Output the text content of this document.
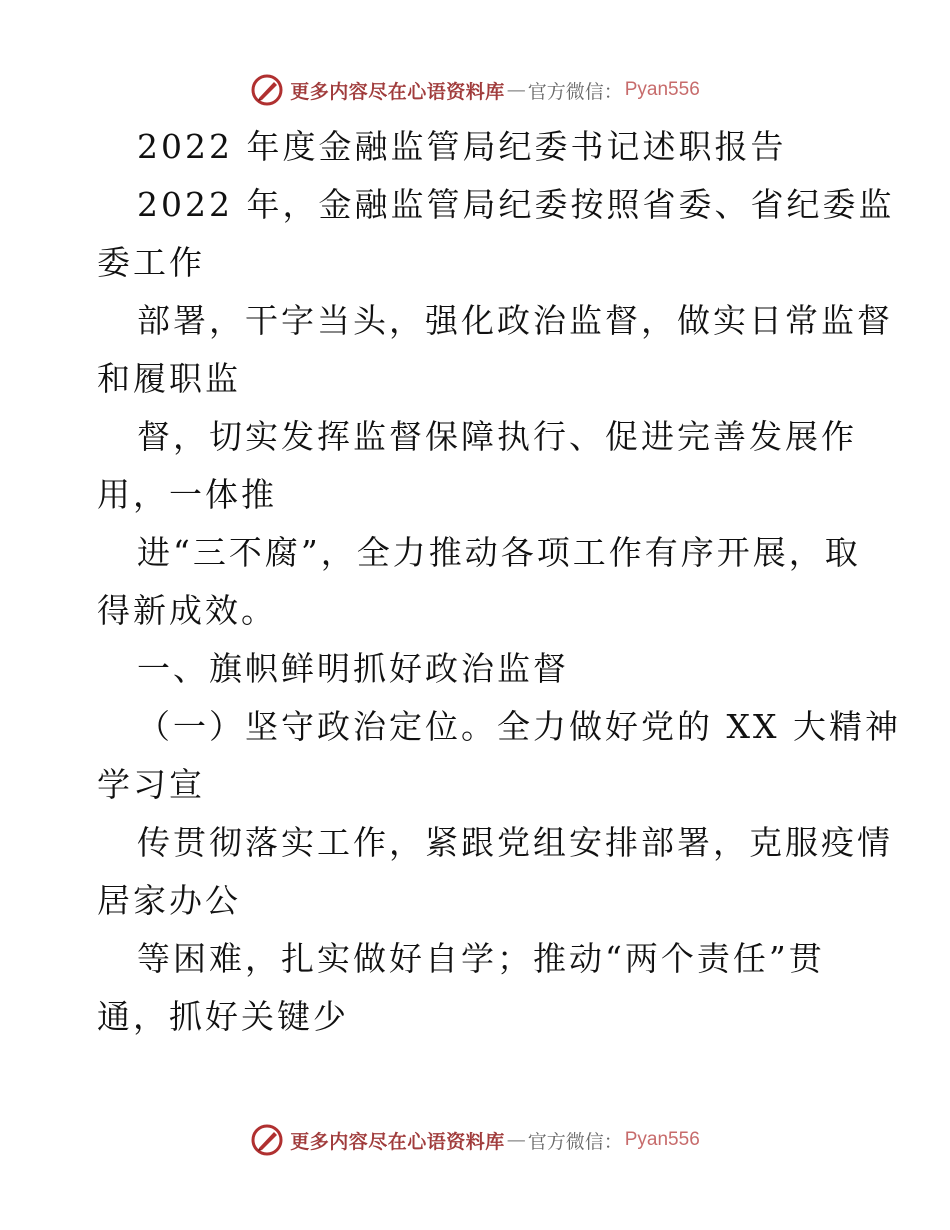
更多内容尽在心语资料库 — 官方微信： Pyan556
2022 年度金融监管局纪委书记述职报告
2022 年，金融监管局纪委按照省委、省纪委监
委工作
部署，干字当头，强化政治监督，做实日常监督
和履职监
督，切实发挥监督保障执行、促进完善发展作
用，一体推
进“三不腐”，全力推动各项工作有序开展，取
得新成效。
一、旗帜鲜明抓好政治监督
（一）坚守政治定位。全力做好党的 XX 大精神
学习宣
传贯彻落实工作，紧跟党组安排部署，克服疫情
居家办公
等困难，扎实做好自学；推动“两个责任”贯
通，抓好关键少
更多内容尽在心语资料库 — 官方微信： Pyan556
